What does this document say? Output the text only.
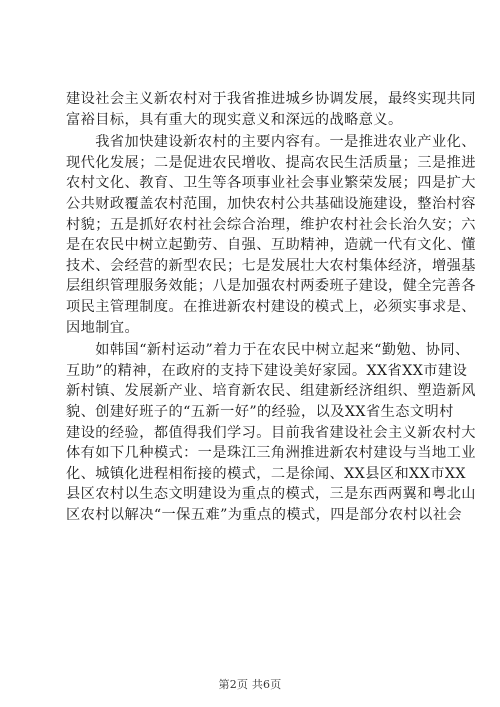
建设社会主义新农村对于我省推进城乡协调发展，最终实现共同
富裕目标，具有重大的现实意义和深远的战略意义。
　　我省加快建设新农村的主要内容有。一是推进农业产业化、
现代化发展；二是促进农民增收、提高农民生活质量；三是推进
农村文化、教育、卫生等各项事业社会事业繁荣发展；四是扩大
公共财政覆盖农村范围，加快农村公共基础设施建设，整治村容
村貌；五是抓好农村社会综合治理，维护农村社会长治久安；六
是在农民中树立起勤劳、自强、互助精神，造就一代有文化、懂
技术、会经营的新型农民；七是发展壮大农村集体经济，增强基
层组织管理服务效能；八是加强农村两委班子建设，健全完善各
项民主管理制度。在推进新农村建设的模式上，必须实事求是、
因地制宜。
　　如韩国“新村运动”着力于在农民中树立起来“勤勉、协同、
互助”的精神，在政府的支持下建设美好家园。XX省XX市建设
新村镇、发展新产业、培育新农民、组建新经济组织、塑造新风
貌、创建好班子的“五新一好”的经验，以及XX省生态文明村
建设的经验，都值得我们学习。目前我省建设社会主义新农村大
体有如下几种模式：一是珠江三角洲推进新农村建设与当地工业
化、城镇化进程相衔接的模式，二是徐闻、XX县区和XX市XX
县区农村以生态文明建设为重点的模式，三是东西两翼和粤北山
区农村以解决“一保五难”为重点的模式，四是部分农村以社会
第2页 共6页
